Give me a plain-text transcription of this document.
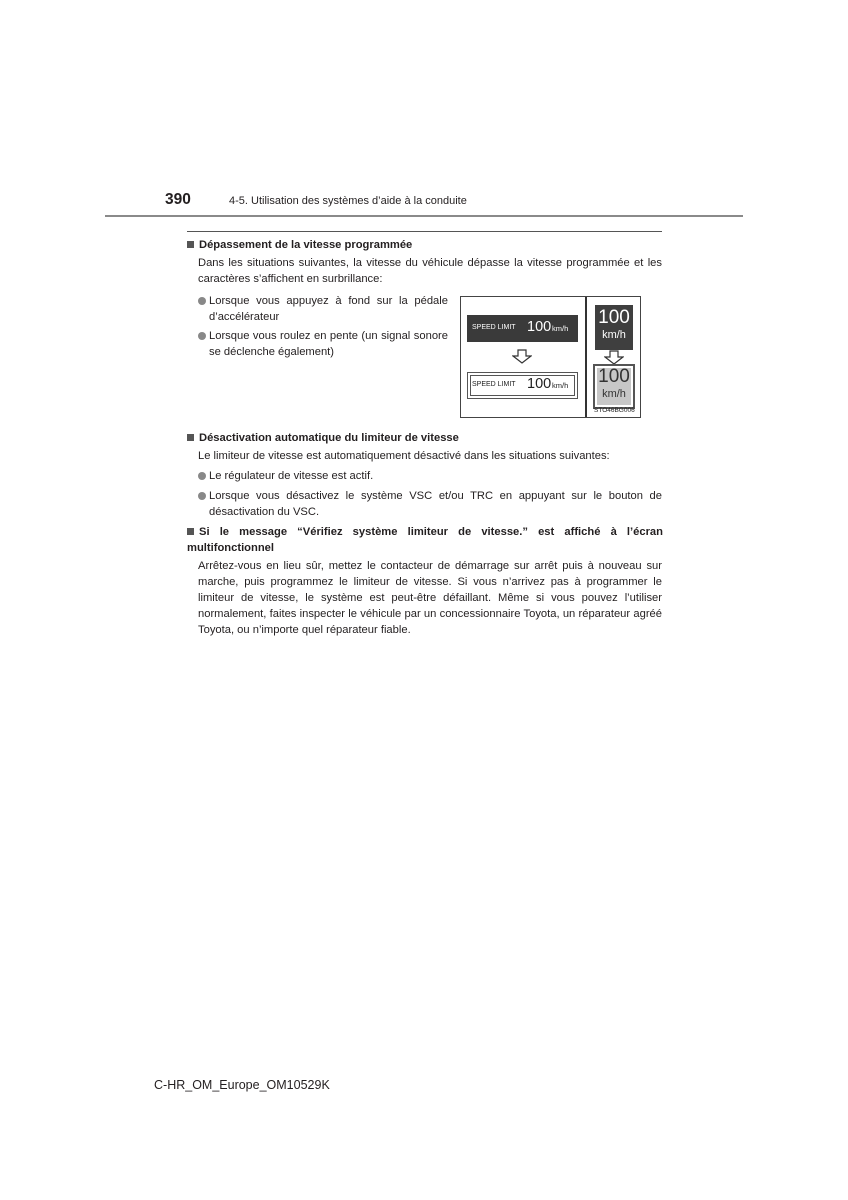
390	4-5. Utilisation des systèmes d’aide à la conduite
Dépassement de la vitesse programmée
Dans les situations suivantes, la vitesse du véhicule dépasse la vitesse programmée et les caractères s’affichent en surbrillance:
Lorsque vous appuyez à fond sur la pédale d’accélérateur
Lorsque vous roulez en pente (un signal sonore se déclenche également)
SPEED LIMIT 100 km/h
SPEED LIMIT 100 km/h
100
km/h
100
km/h
STO46BG006
Désactivation automatique du limiteur de vitesse
Le limiteur de vitesse est automatiquement désactivé dans les situations suivantes:
Le régulateur de vitesse est actif.
Lorsque vous désactivez le système VSC et/ou TRC en appuyant sur le bouton de désactivation du VSC.
Si le message “Vérifiez système limiteur de vitesse.” est affiché à l’écran multifonctionnel
Arrêtez-vous en lieu sûr, mettez le contacteur de démarrage sur arrêt puis à nouveau sur marche, puis programmez le limiteur de vitesse. Si vous n’arrivez pas à programmer le limiteur de vitesse, le système est peut-être défaillant. Même si vous pouvez l’utiliser normalement, faites inspecter le véhicule par un concessionnaire Toyota, un réparateur agréé Toyota, ou n’importe quel réparateur fiable.
C-HR_OM_Europe_OM10529K
